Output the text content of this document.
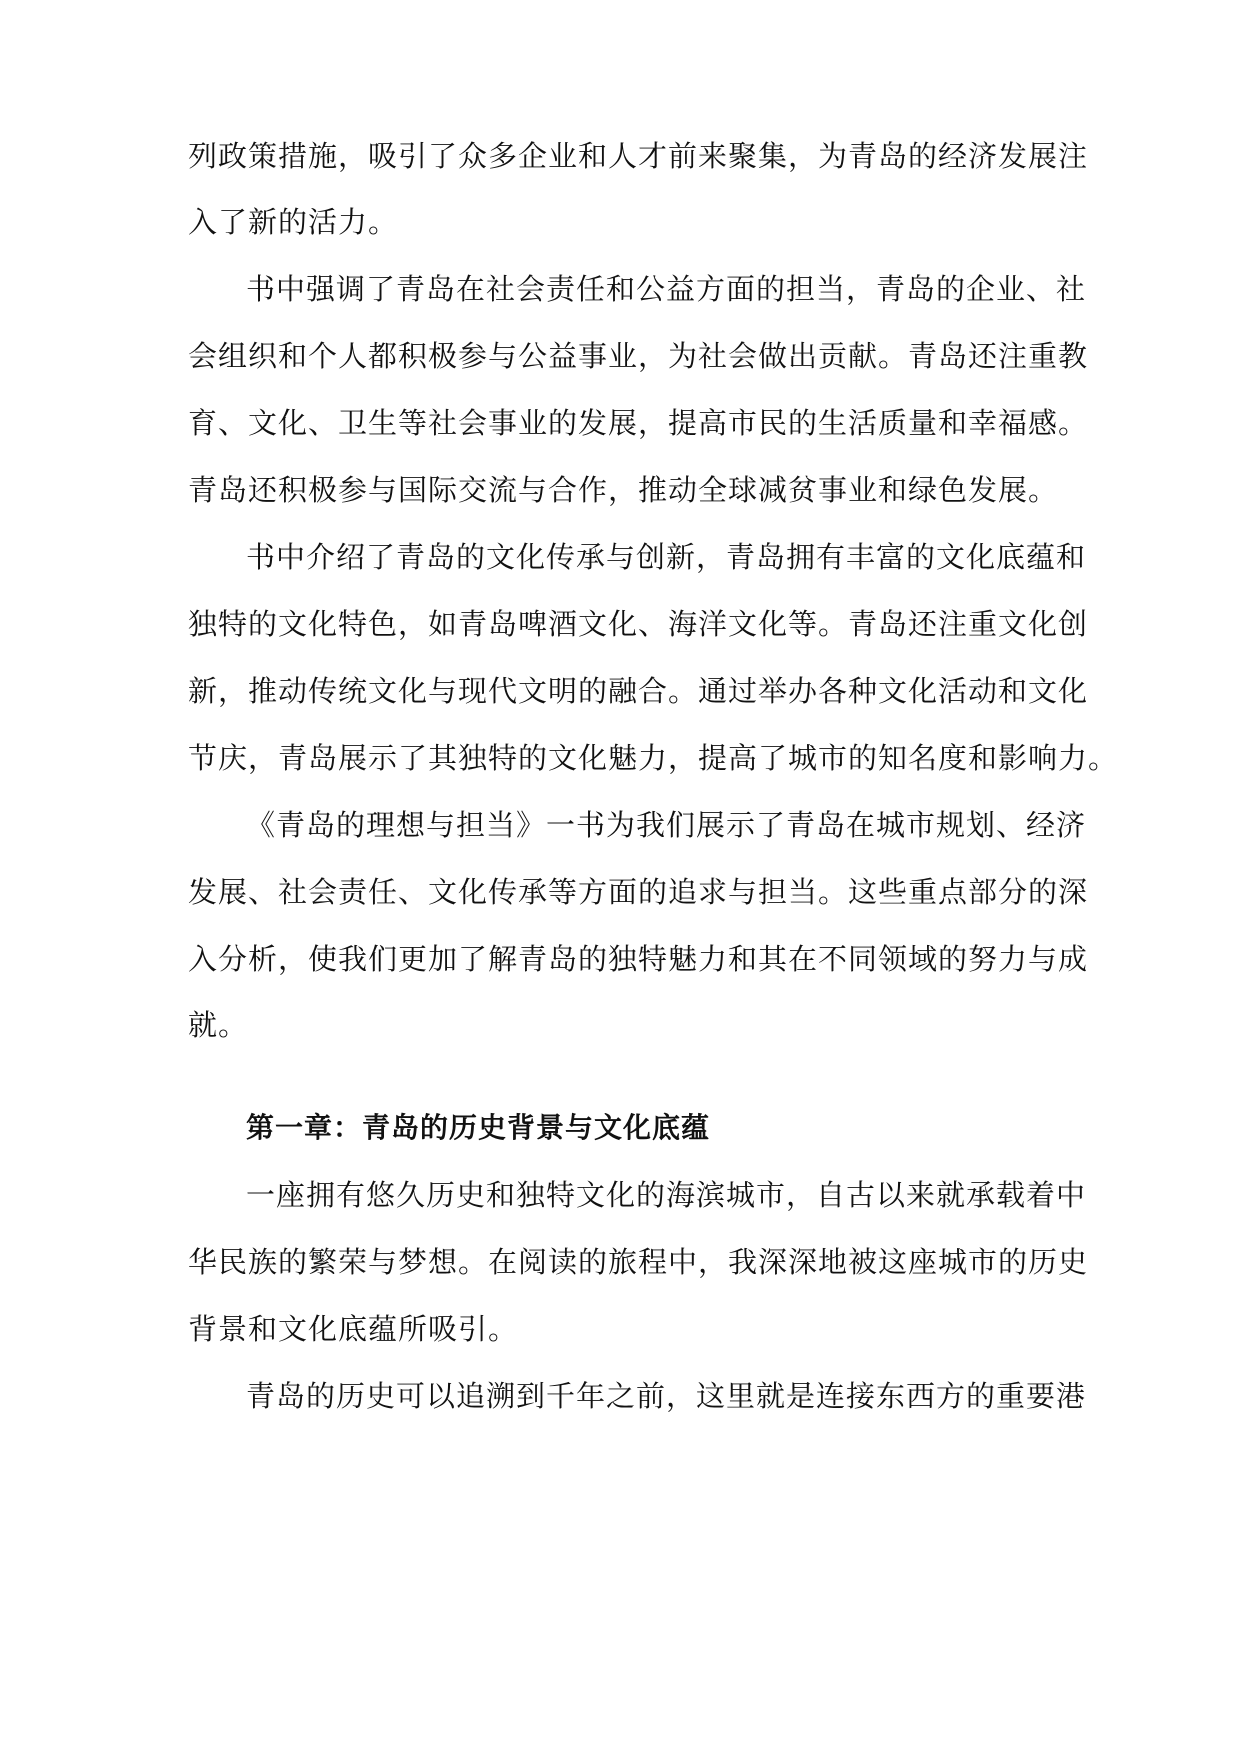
列政策措施，吸引了众多企业和人才前来聚集，为青岛的经济发展注
入了新的活力。
书中强调了青岛在社会责任和公益方面的担当，青岛的企业、社
会组织和个人都积极参与公益事业，为社会做出贡献。青岛还注重教
育、文化、卫生等社会事业的发展，提高市民的生活质量和幸福感。
青岛还积极参与国际交流与合作，推动全球减贫事业和绿色发展。
书中介绍了青岛的文化传承与创新，青岛拥有丰富的文化底蕴和
独特的文化特色，如青岛啤酒文化、海洋文化等。青岛还注重文化创
新，推动传统文化与现代文明的融合。通过举办各种文化活动和文化
节庆，青岛展示了其独特的文化魅力，提高了城市的知名度和影响力。
《青岛的理想与担当》一书为我们展示了青岛在城市规划、经济
发展、社会责任、文化传承等方面的追求与担当。这些重点部分的深
入分析，使我们更加了解青岛的独特魅力和其在不同领域的努力与成
就。
第一章：青岛的历史背景与文化底蕴
一座拥有悠久历史和独特文化的海滨城市，自古以来就承载着中
华民族的繁荣与梦想。在阅读的旅程中，我深深地被这座城市的历史
背景和文化底蕴所吸引。
青岛的历史可以追溯到千年之前，这里就是连接东西方的重要港
